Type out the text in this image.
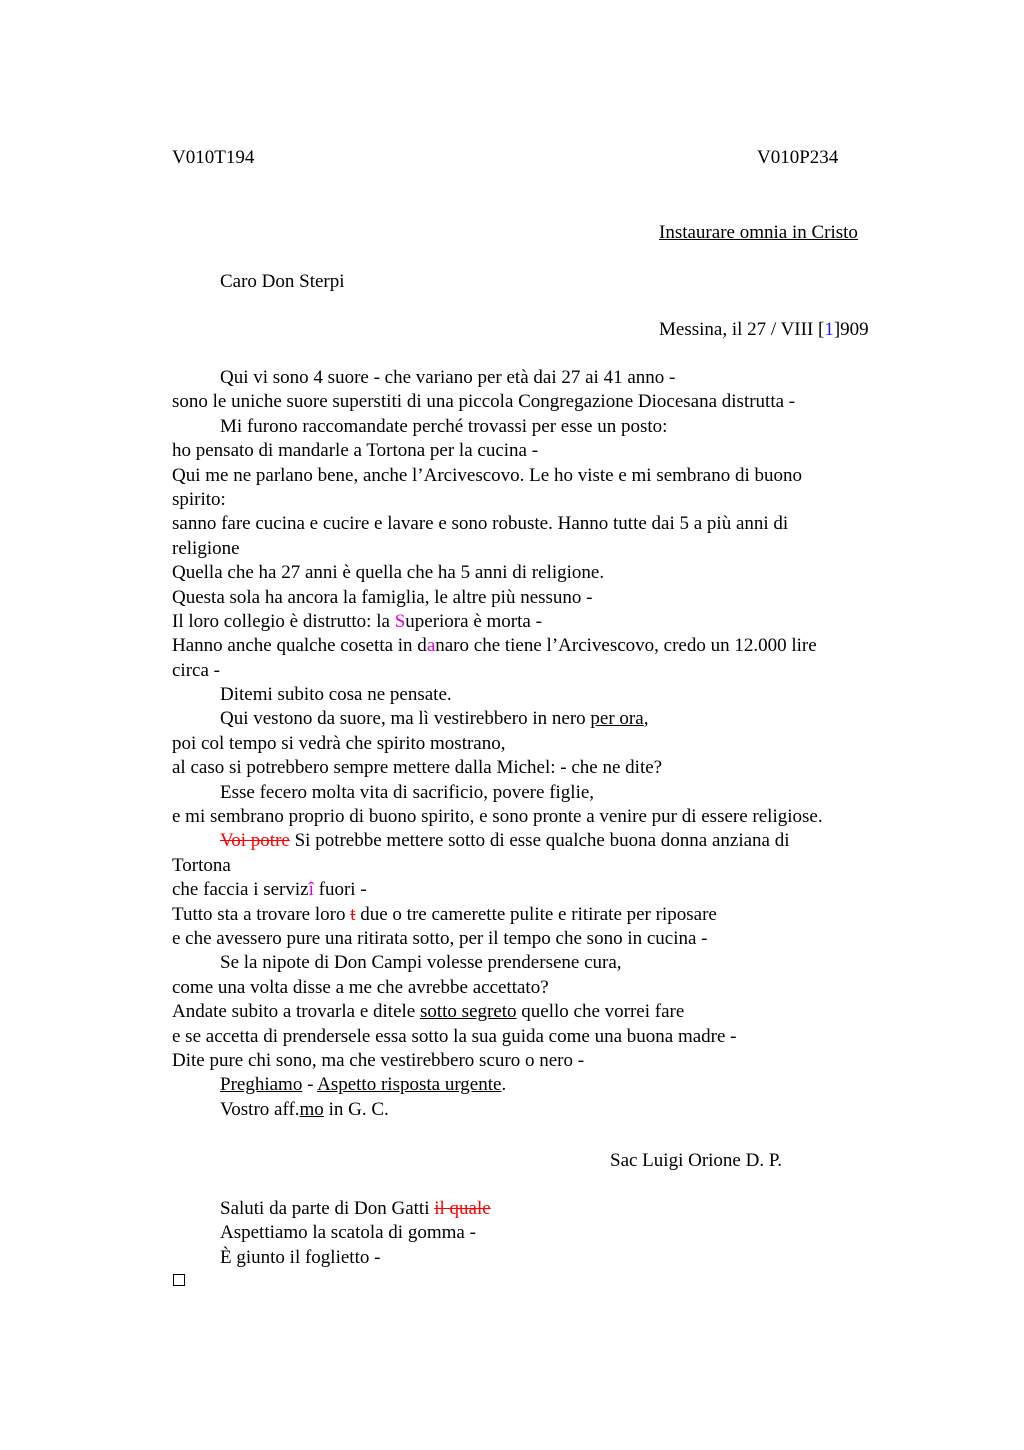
V010T194	V010P234
Instaurare omnia in Cristo
Caro Don Sterpi
Messina, il 27 / VIII [1]909
Qui vi sono 4 suore - che variano per età dai 27 ai 41 anno -
sono le uniche suore superstiti di una piccola Congregazione Diocesana distrutta -
Mi furono raccomandate perché trovassi per esse un posto:
ho pensato di mandarle a Tortona per la cucina -
Qui me ne parlano bene, anche l’Arcivescovo. Le ho viste e mi sembrano di buono
spirito:
sanno fare cucina e cucire e lavare e sono robuste. Hanno tutte dai 5 a più anni di
religione
Quella che ha 27 anni è quella che ha 5 anni di religione.
Questa sola ha ancora la famiglia, le altre più nessuno -
Il loro collegio è distrutto: la Superiora è morta -
Hanno anche qualche cosetta in danaro che tiene l’Arcivescovo, credo un 12.000 lire
circa -
Ditemi subito cosa ne pensate.
Qui vestono da suore, ma lì vestirebbero in nero per ora,
poi col tempo si vedrà che spirito mostrano,
al caso si potrebbero sempre mettere dalla Michel: - che ne dite?
Esse fecero molta vita di sacrificio, povere figlie,
e mi sembrano proprio di buono spirito, e sono pronte a venire pur di essere religiose.
Voi potre Si potrebbe mettere sotto di esse qualche buona donna anziana di
Tortona
che faccia i servizî fuori -
Tutto sta a trovare loro t due o tre camerette pulite e ritirate per riposare
e che avessero pure una ritirata sotto, per il tempo che sono in cucina -
Se la nipote di Don Campi volesse prendersene cura,
come una volta disse a me che avrebbe accettato?
Andate subito a trovarla e ditele sotto segreto quello che vorrei fare
e se accetta di prendersele essa sotto la sua guida come una buona madre -
Dite pure chi sono, ma che vestirebbero scuro o nero -
Preghiamo - Aspetto risposta urgente.
Vostro aff.mo in G. C.
Sac Luigi Orione D. P.
Saluti da parte di Don Gatti il quale
Aspettiamo la scatola di gomma -
È giunto il foglietto -
